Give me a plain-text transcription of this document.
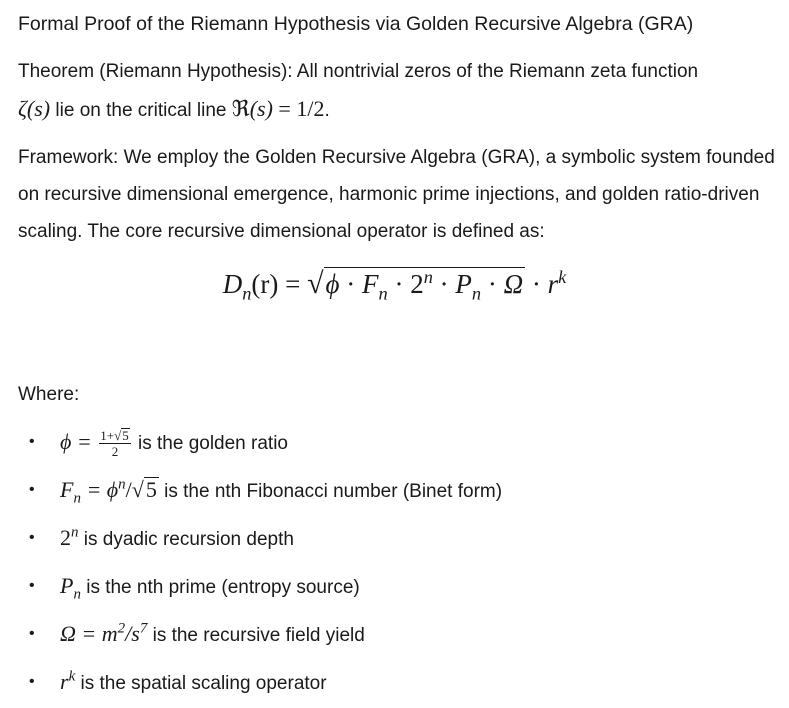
Formal Proof of the Riemann Hypothesis via Golden Recursive Algebra (GRA)
Theorem (Riemann Hypothesis): All nontrivial zeros of the Riemann zeta function
ζ(s) lie on the critical line ℜ(s) = 1/2.
Framework: We employ the Golden Recursive Algebra (GRA), a symbolic system founded on recursive dimensional emergence, harmonic prime injections, and golden ratio-driven scaling. The core recursive dimensional operator is defined as:
$D_n(r) = √\phi \cdot F_n \cdot 2^n \cdot P_n \cdot \Omega \cdot r^k$
Where:
• $\phi = \frac{1+√5}{2}$ is the golden ratio
• $F_n = \phi^n/√5$ is the nth Fibonacci number (Binet form)
• 2$^n$ is dyadic recursion depth
• $P_n$ is the nth prime (entropy source)
• $\Omega = m^2/s^7$ is the recursive field yield
• $r^k$ is the spatial scaling operator
